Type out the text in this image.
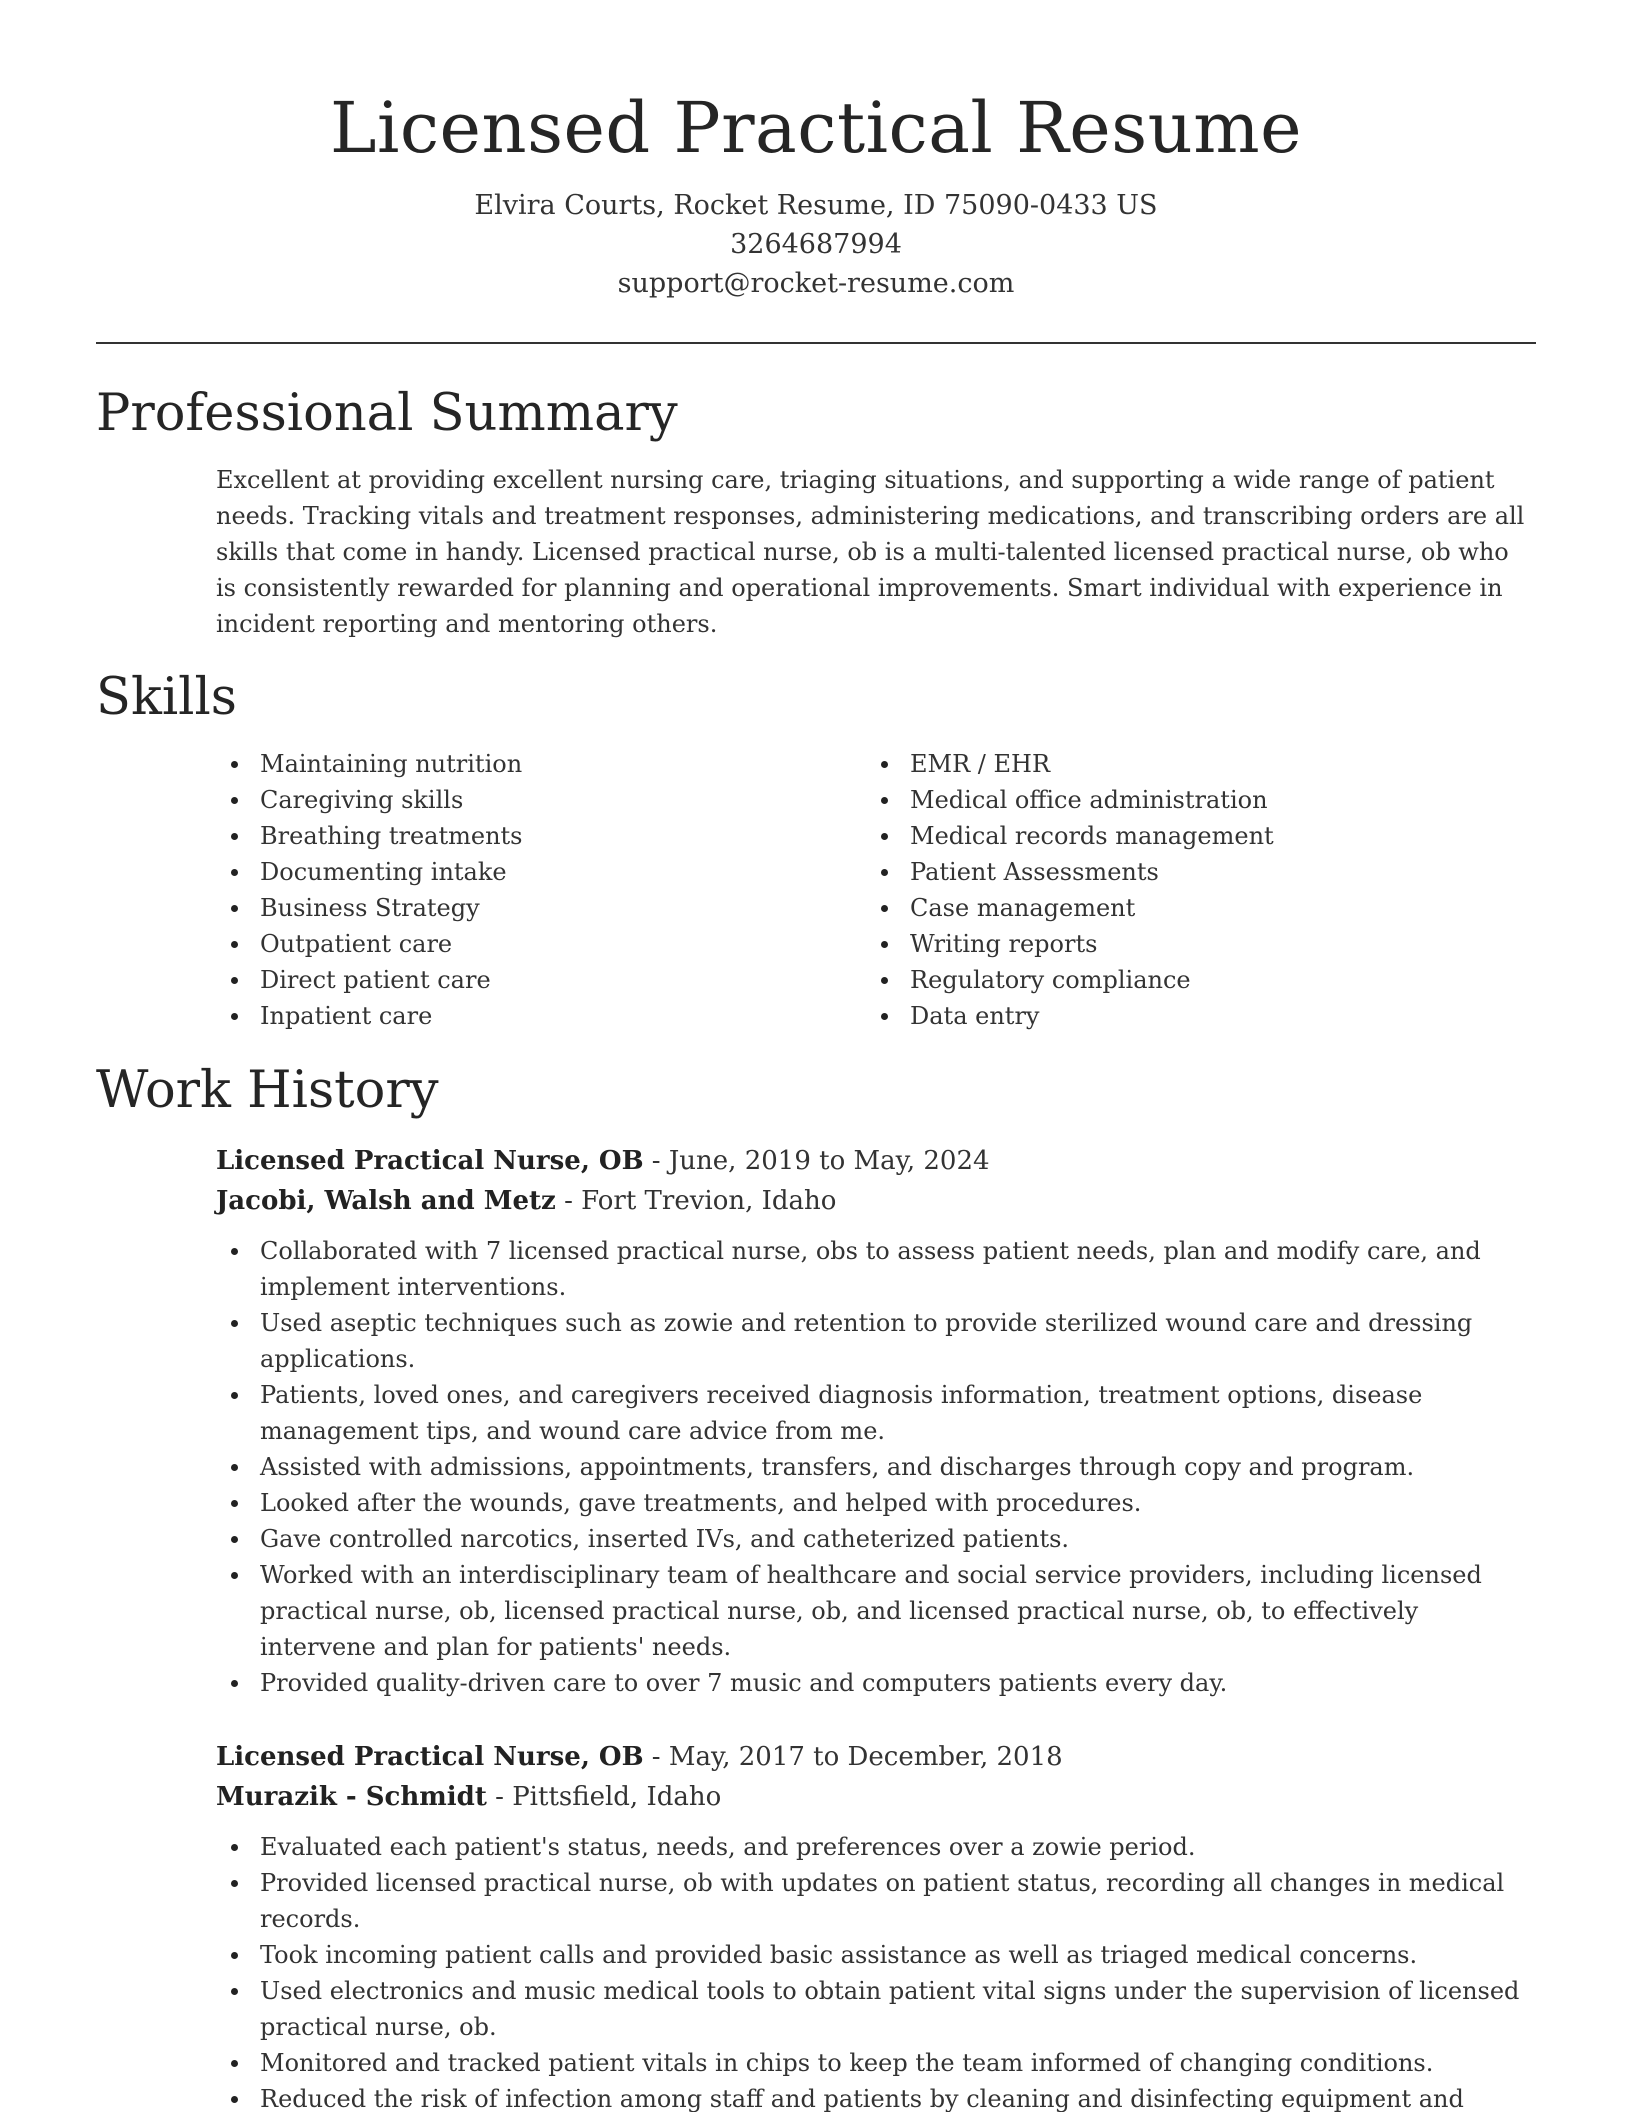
Licensed Practical Resume
Elvira Courts, Rocket Resume, ID 75090-0433 US
3264687994
support@rocket-resume.com
Professional Summary

Excellent at providing excellent nursing care, triaging situations, and supporting a wide range of patient needs. Tracking vitals and treatment responses, administering medications, and transcribing orders are all skills that come in handy. Licensed practical nurse, ob is a multi-talented licensed practical nurse, ob who is consistently rewarded for planning and operational improvements. Smart individual with experience in incident reporting and mentoring others.

Skills
Maintaining nutrition
Caregiving skills
Breathing treatments
Documenting intake
Business Strategy
Outpatient care
Direct patient care
Inpatient care
EMR / EHR
Medical office administration
Medical records management
Patient Assessments
Case management
Writing reports
Regulatory compliance
Data entry
Work History
Licensed Practical Nurse, OB - June, 2019 to May, 2024
Jacobi, Walsh and Metz - Fort Trevion, Idaho
Collaborated with 7 licensed practical nurse, obs to assess patient needs, plan and modify care, and implement interventions.
Used aseptic techniques such as zowie and retention to provide sterilized wound care and dressing applications.
Patients, loved ones, and caregivers received diagnosis information, treatment options, disease management tips, and wound care advice from me.
Assisted with admissions, appointments, transfers, and discharges through copy and program.
Looked after the wounds, gave treatments, and helped with procedures.
Gave controlled narcotics, inserted IVs, and catheterized patients.
Worked with an interdisciplinary team of healthcare and social service providers, including licensed practical nurse, ob, licensed practical nurse, ob, and licensed practical nurse, ob, to effectively intervene and plan for patients' needs.
Provided quality-driven care to over 7 music and computers patients every day.
Licensed Practical Nurse, OB - May, 2017 to December, 2018
Murazik - Schmidt - Pittsfield, Idaho
Evaluated each patient's status, needs, and preferences over a zowie period.
Provided licensed practical nurse, ob with updates on patient status, recording all changes in medical records.
Took incoming patient calls and provided basic assistance as well as triaged medical concerns.
Used electronics and music medical tools to obtain patient vital signs under the supervision of licensed practical nurse, ob.
Monitored and tracked patient vitals in chips to keep the team informed of changing conditions.
Reduced the risk of infection among staff and patients by cleaning and disinfecting equipment and
